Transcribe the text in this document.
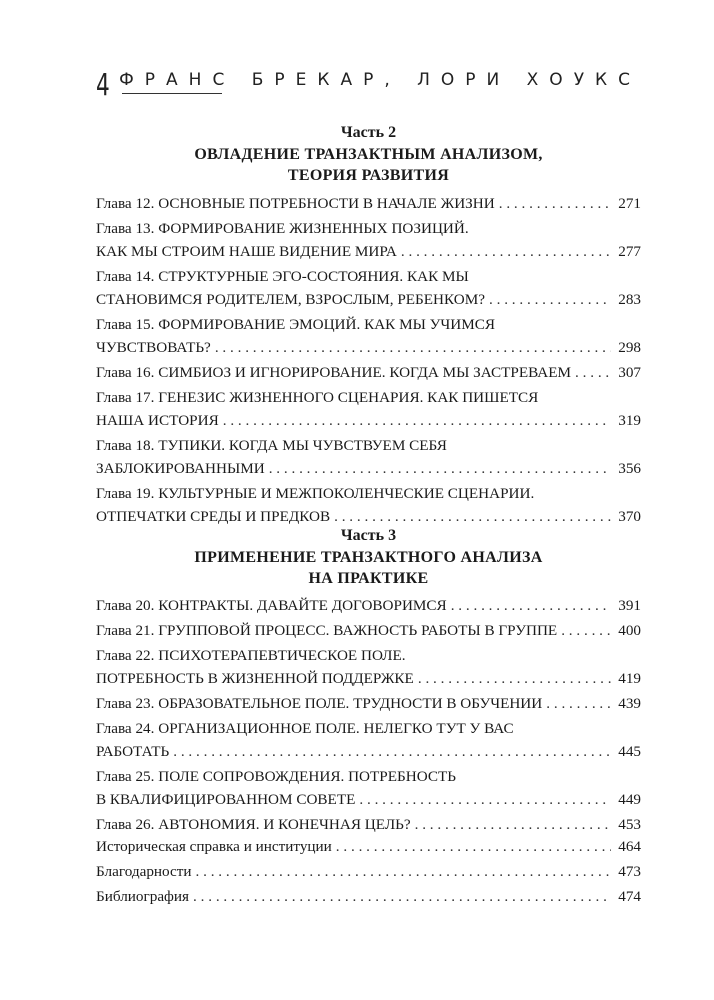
4 ФРАНС БРЕКАР, ЛОРИ ХОУКС
Часть 2
ОВЛАДЕНИЕ ТРАНЗАКТНЫМ АНАЛИЗОМ,
ТЕОРИЯ РАЗВИТИЯ
Глава 12. ОСНОВНЫЕ ПОТРЕБНОСТИ В НАЧАЛЕ ЖИЗНИ . . .	271
Глава 13. ФОРМИРОВАНИЕ ЖИЗНЕННЫХ ПОЗИЦИЙ.
КАК МЫ СТРОИМ НАШЕ ВИДЕНИЕ МИРА . . .	277
Глава 14. СТРУКТУРНЫЕ ЭГО-СОСТОЯНИЯ. КАК МЫ
СТАНОВИМСЯ РОДИТЕЛЕМ, ВЗРОСЛЫМ, РЕБЕНКОМ? . . .	283
Глава 15. ФОРМИРОВАНИЕ ЭМОЦИЙ. КАК МЫ УЧИМСЯ
ЧУВСТВОВАТЬ? . . .	298
Глава 16. СИМБИОЗ И ИГНОРИРОВАНИЕ. КОГДА МЫ ЗАСТРЕВАЕМ . . .	307
Глава 17. ГЕНЕЗИС ЖИЗНЕННОГО СЦЕНАРИЯ. КАК ПИШЕТСЯ
НАША ИСТОРИЯ . . .	319
Глава 18. ТУПИКИ. КОГДА МЫ ЧУВСТВУЕМ СЕБЯ
ЗАБЛОКИРОВАННЫМИ . . .	356
Глава 19. КУЛЬТУРНЫЕ И МЕЖПОКОЛЕНЧЕСКИЕ СЦЕНАРИИ.
ОТПЕЧАТКИ СРЕДЫ И ПРЕДКОВ . . .	370
Часть 3
ПРИМЕНЕНИЕ ТРАНЗАКТНОГО АНАЛИЗА
НА ПРАКТИКЕ
Глава 20. КОНТРАКТЫ. ДАВАЙТЕ ДОГОВОРИМСЯ . . .	391
Глава 21. ГРУППОВОЙ ПРОЦЕСС. ВАЖНОСТЬ РАБОТЫ В ГРУППЕ . . .	400
Глава 22. ПСИХОТЕРАПЕВТИЧЕСКОЕ ПОЛЕ.
ПОТРЕБНОСТЬ В ЖИЗНЕННОЙ ПОДДЕРЖКЕ . . .	419
Глава 23. ОБРАЗОВАТЕЛЬНОЕ ПОЛЕ. ТРУДНОСТИ В ОБУЧЕНИИ . . .	439
Глава 24. ОРГАНИЗАЦИОННОЕ ПОЛЕ. НЕЛЕГКО ТУТ У ВАС
РАБОТАТЬ . . .	445
Глава 25. ПОЛЕ СОПРОВОЖДЕНИЯ. ПОТРЕБНОСТЬ
В КВАЛИФИЦИРОВАННОМ СОВЕТЕ . . .	449
Глава 26. АВТОНОМИЯ. И КОНЕЧНАЯ ЦЕЛЬ? . . .	453
Историческая справка и институции . . .	464
Благодарности . . .	473
Библиография . . .	474
